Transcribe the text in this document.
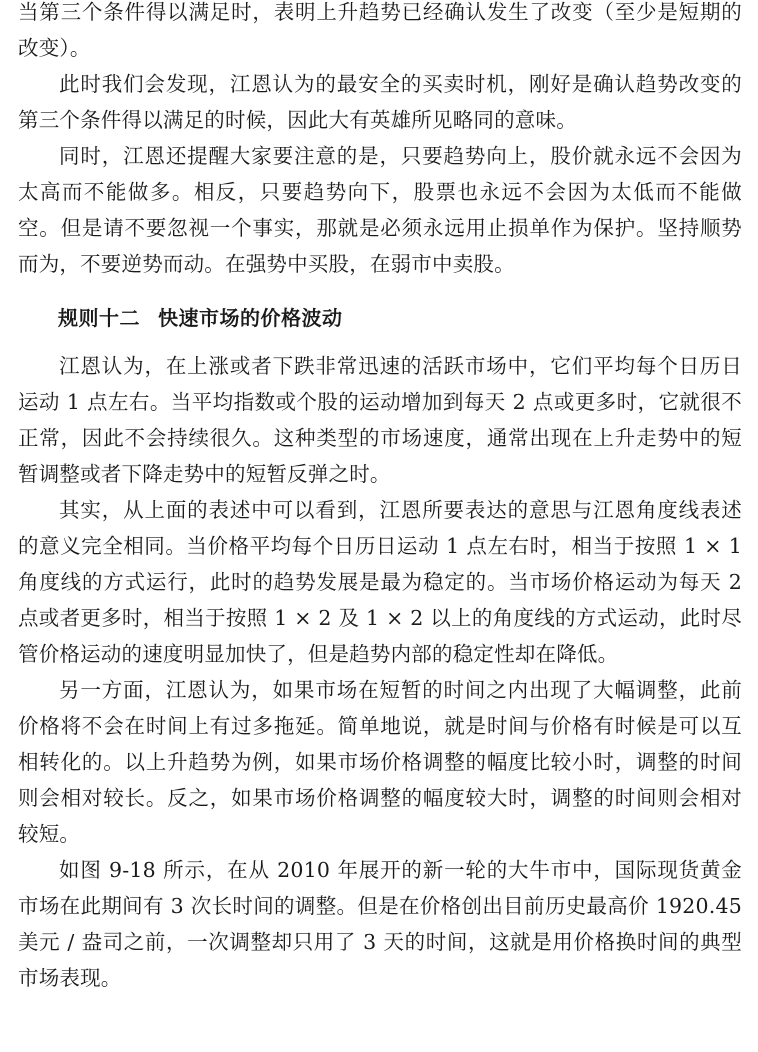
当第三个条件得以满足时，表明上升趋势已经确认发生了改变（至少是短期的改变）。

此时我们会发现，江恩认为的最安全的买卖时机，刚好是确认趋势改变的第三个条件得以满足的时候，因此大有英雄所见略同的意味。

同时，江恩还提醒大家要注意的是，只要趋势向上，股价就永远不会因为太高而不能做多。相反，只要趋势向下，股票也永远不会因为太低而不能做空。但是请不要忽视一个事实，那就是必须永远用止损单作为保护。坚持顺势而为，不要逆势而动。在强势中买股，在弱市中卖股。

规则十二 快速市场的价格波动

江恩认为，在上涨或者下跌非常迅速的活跃市场中，它们平均每个日历日运动 1 点左右。当平均指数或个股的运动增加到每天 2 点或更多时，它就很不正常，因此不会持续很久。这种类型的市场速度，通常出现在上升走势中的短暂调整或者下降走势中的短暂反弹之时。

其实，从上面的表述中可以看到，江恩所要表达的意思与江恩角度线表述的意义完全相同。当价格平均每个日历日运动 1 点左右时，相当于按照 1 × 1 角度线的方式运行，此时的趋势发展是最为稳定的。当市场价格运动为每天 2 点或者更多时，相当于按照 1 × 2 及 1 × 2 以上的角度线的方式运动，此时尽管价格运动的速度明显加快了，但是趋势内部的稳定性却在降低。

另一方面，江恩认为，如果市场在短暂的时间之内出现了大幅调整，此前价格将不会在时间上有过多拖延。简单地说，就是时间与价格有时候是可以互相转化的。以上升趋势为例，如果市场价格调整的幅度比较小时，调整的时间则会相对较长。反之，如果市场价格调整的幅度较大时，调整的时间则会相对较短。

如图 9-18 所示，在从 2010 年展开的新一轮的大牛市中，国际现货黄金市场在此期间有 3 次长时间的调整。但是在价格创出目前历史最高价 1920.45 美元 / 盎司之前，一次调整却只用了 3 天的时间，这就是用价格换时间的典型市场表现。
